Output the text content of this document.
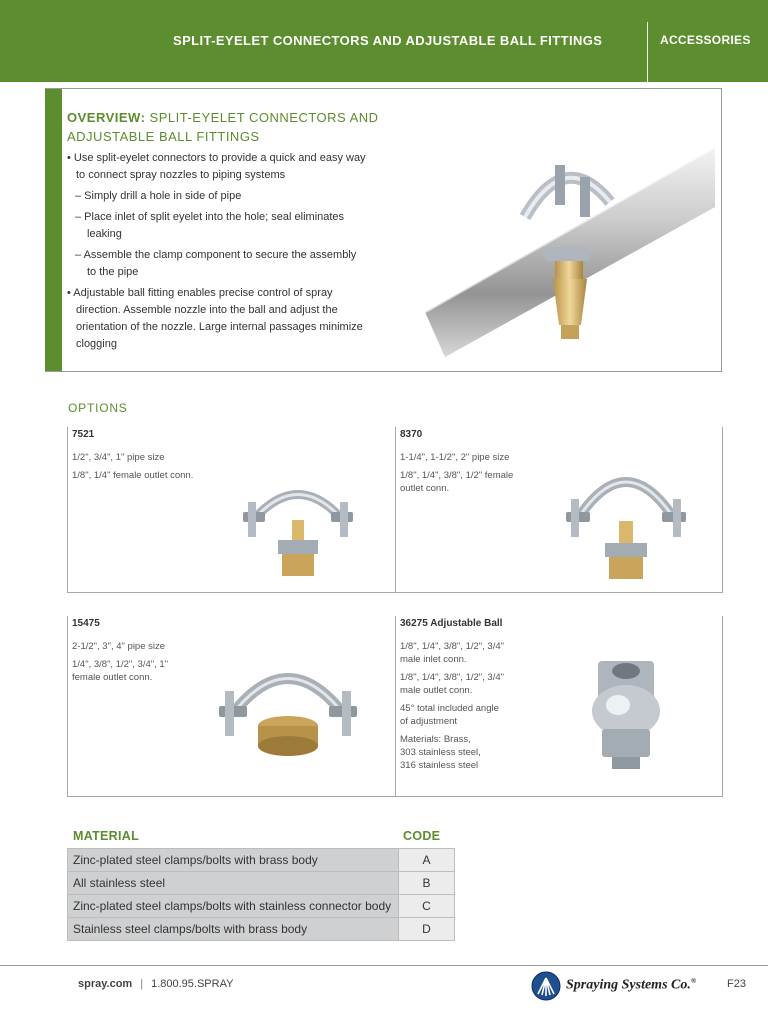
SPLIT-EYELET CONNECTORS AND ADJUSTABLE BALL FITTINGS	ACCESSORIES
OVERVIEW: SPLIT-EYELET CONNECTORS AND
ADJUSTABLE BALL FITTINGS
• Use split-eyelet connectors to provide a quick and easy way to connect spray nozzles to piping systems
– Simply drill a hole in side of pipe
– Place inlet of split eyelet into the hole; seal eliminates leaking
– Assemble the clamp component to secure the assembly to the pipe
• Adjustable ball fitting enables precise control of spray direction. Assemble nozzle into the ball and adjust the orientation of the nozzle. Large internal passages minimize clogging
OPTIONS
7521
1/2", 3/4", 1" pipe size
1/8", 1/4" female outlet conn.
8370
1-1/4", 1-1/2", 2" pipe size
1/8", 1/4", 3/8", 1/2" female
outlet conn.
15475
2-1/2", 3", 4" pipe size
1/4", 3/8", 1/2", 3/4", 1"
female outlet conn.
36275 Adjustable Ball
1/8", 1/4", 3/8", 1/2", 3/4"
male inlet conn.
1/8", 1/4", 3/8", 1/2", 3/4"
male outlet conn.
45° total included angle
of adjustment
Materials: Brass,
303 stainless steel,
316 stainless steel
MATERIAL	CODE
Zinc-plated steel clamps/bolts with brass body	A
All stainless steel	B
Zinc-plated steel clamps/bolts with stainless connector body	C
Stainless steel clamps/bolts with brass body	D
spray.com | 1.800.95.SPRAY	Spraying Systems Co.®	F23
